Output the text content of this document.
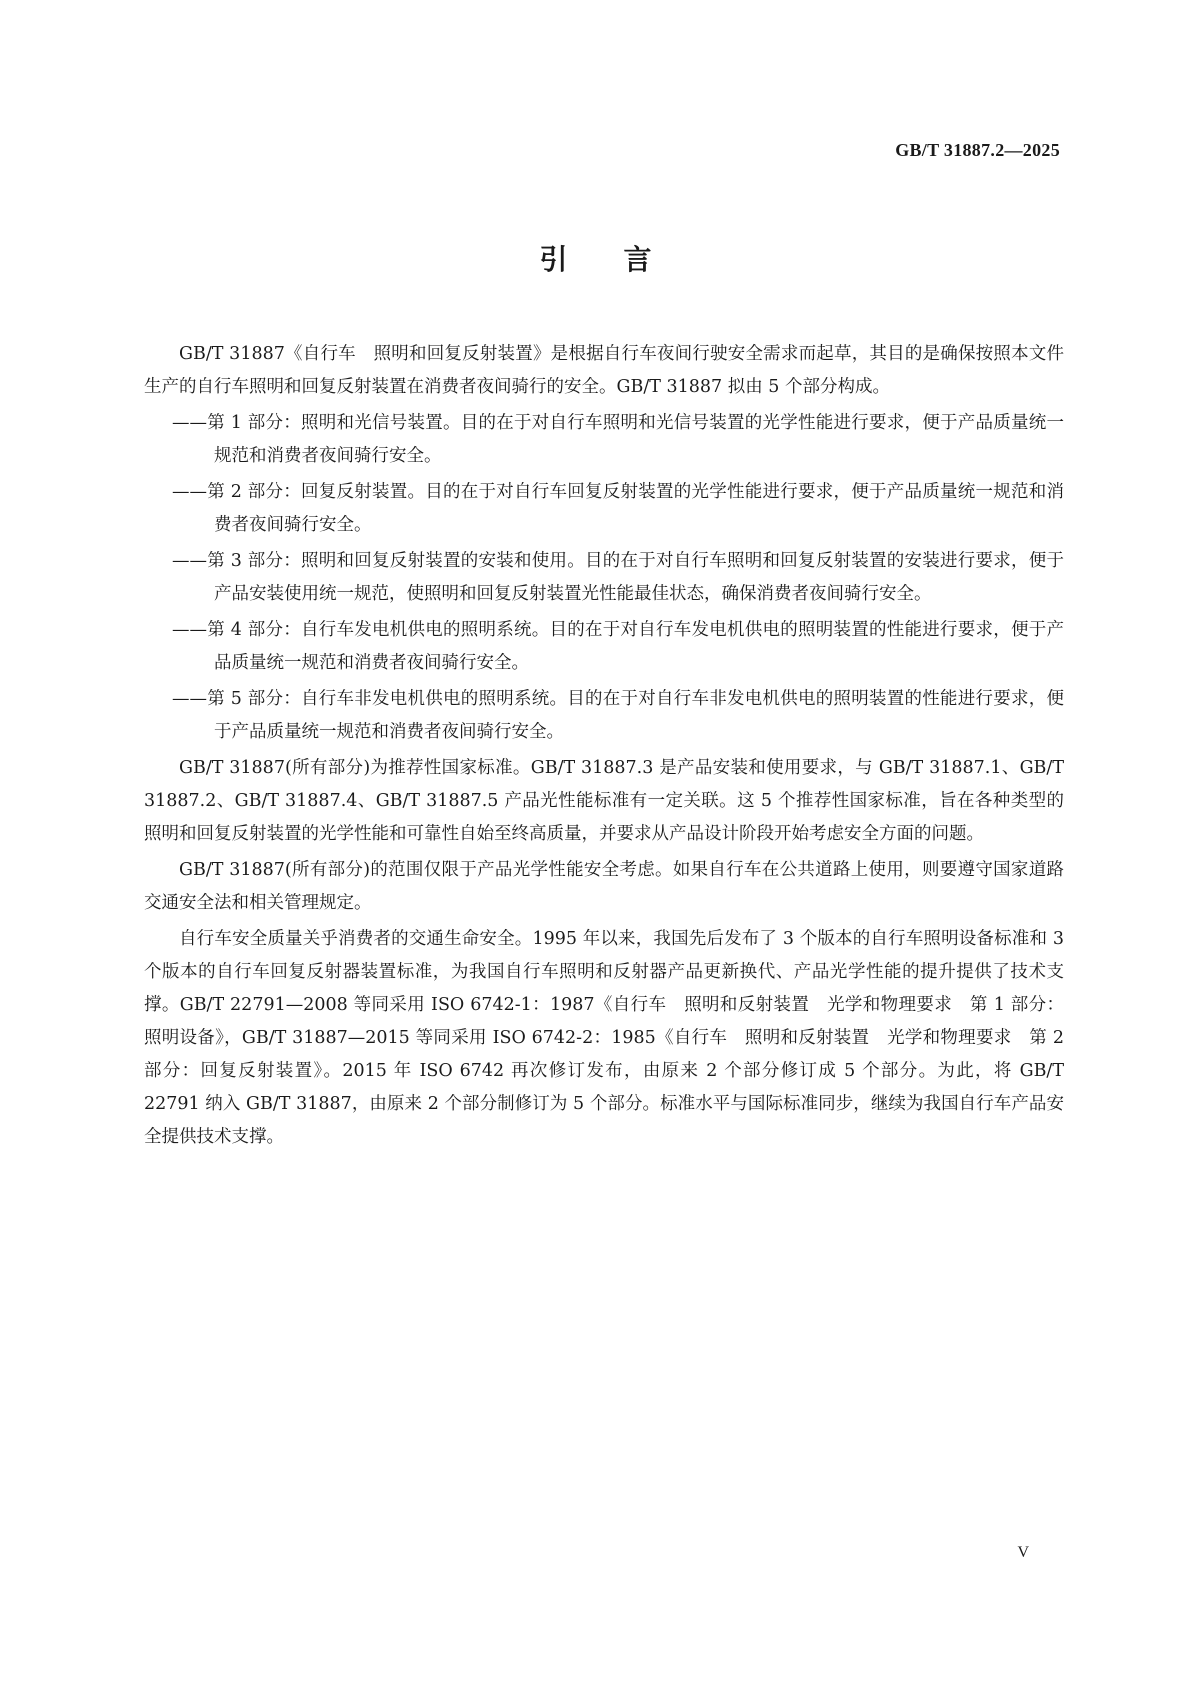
GB/T 31887.2—2025
引言

GB/T 31887《自行车　照明和回复反射装置》是根据自行车夜间行驶安全需求而起草，其目的是确保按照本文件生产的自行车照明和回复反射装置在消费者夜间骑行的安全。GB/T 31887 拟由 5 个部分构成。

——第 1 部分：照明和光信号装置。目的在于对自行车照明和光信号装置的光学性能进行要求，便于产品质量统一规范和消费者夜间骑行安全。

——第 2 部分：回复反射装置。目的在于对自行车回复反射装置的光学性能进行要求，便于产品质量统一规范和消费者夜间骑行安全。

——第 3 部分：照明和回复反射装置的安装和使用。目的在于对自行车照明和回复反射装置的安装进行要求，便于产品安装使用统一规范，使照明和回复反射装置光性能最佳状态，确保消费者夜间骑行安全。

——第 4 部分：自行车发电机供电的照明系统。目的在于对自行车发电机供电的照明装置的性能进行要求，便于产品质量统一规范和消费者夜间骑行安全。

——第 5 部分：自行车非发电机供电的照明系统。目的在于对自行车非发电机供电的照明装置的性能进行要求，便于产品质量统一规范和消费者夜间骑行安全。

GB/T 31887(所有部分)为推荐性国家标准。GB/T 31887.3 是产品安装和使用要求，与 GB/T 31887.1、GB/T 31887.2、GB/T 31887.4、GB/T 31887.5 产品光性能标准有一定关联。这 5 个推荐性国家标准，旨在各种类型的照明和回复反射装置的光学性能和可靠性自始至终高质量，并要求从产品设计阶段开始考虑安全方面的问题。

GB/T 31887(所有部分)的范围仅限于产品光学性能安全考虑。如果自行车在公共道路上使用，则要遵守国家道路交通安全法和相关管理规定。

自行车安全质量关乎消费者的交通生命安全。1995 年以来，我国先后发布了 3 个版本的自行车照明设备标准和 3 个版本的自行车回复反射器装置标准，为我国自行车照明和反射器产品更新换代、产品光学性能的提升提供了技术支撑。GB/T 22791—2008 等同采用 ISO 6742-1：1987《自行车　照明和反射装置　光学和物理要求　第 1 部分：照明设备》，GB/T 31887—2015 等同采用 ISO 6742-2：1985《自行车　照明和反射装置　光学和物理要求　第 2 部分：回复反射装置》。2015 年 ISO 6742 再次修订发布，由原来 2 个部分修订成 5 个部分。为此，将 GB/T 22791 纳入 GB/T 31887，由原来 2 个部分制修订为 5 个部分。标准水平与国际标准同步，继续为我国自行车产品安全提供技术支撑。

V
